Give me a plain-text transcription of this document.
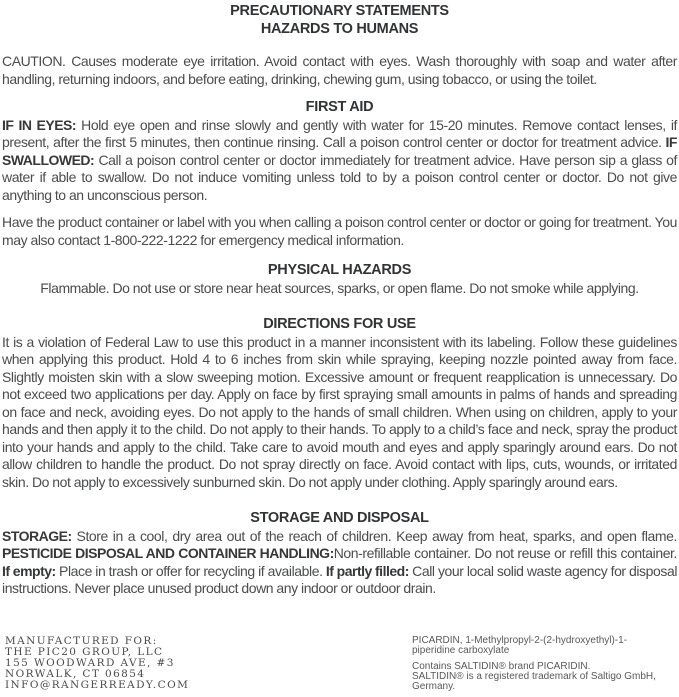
PRECAUTIONARY STATEMENTS
HAZARDS TO HUMANS

CAUTION. Causes moderate eye irritation. Avoid contact with eyes. Wash thoroughly with soap and water after handling, returning indoors, and before eating, drinking, chewing gum, using tobacco, or using the toilet.

FIRST AID

IF IN EYES: Hold eye open and rinse slowly and gently with water for 15-20 minutes. Remove contact lenses, if present, after the first 5 minutes, then continue rinsing. Call a poison control center or doctor for treatment advice. IF SWALLOWED: Call a poison control center or doctor immediately for treatment advice. Have person sip a glass of water if able to swallow. Do not induce vomiting unless told to by a poison control center or doctor. Do not give anything to an unconscious person.

Have the product container or label with you when calling a poison control center or doctor or going for treatment. You may also contact 1-800-222-1222 for emergency medical information.

PHYSICAL HAZARDS

Flammable. Do not use or store near heat sources, sparks, or open flame. Do not smoke while applying.

DIRECTIONS FOR USE

It is a violation of Federal Law to use this product in a manner inconsistent with its labeling. Follow these guidelines when applying this product. Hold 4 to 6 inches from skin while spraying, keeping nozzle pointed away from face. Slightly moisten skin with a slow sweeping motion. Excessive amount or frequent reapplication is unnecessary. Do not exceed two applications per day. Apply on face by first spraying small amounts in palms of hands and spreading on face and neck, avoiding eyes. Do not apply to the hands of small children. When using on children, apply to your hands and then apply it to the child. Do not apply to their hands. To apply to a child’s face and neck, spray the product into your hands and apply to the child. Take care to avoid mouth and eyes and apply sparingly around ears. Do not allow children to handle the product. Do not spray directly on face. Avoid contact with lips, cuts, wounds, or irritated skin. Do not apply to excessively sunburned skin. Do not apply under clothing. Apply sparingly around ears.

STORAGE AND DISPOSAL

STORAGE: Store in a cool, dry area out of the reach of children. Keep away from heat, sparks, and open flame. PESTICIDE DISPOSAL AND CONTAINER HANDLING:Non-refillable container. Do not reuse or refill this container. If empty: Place in trash or offer for recycling if available. If partly filled: Call your local solid waste agency for disposal instructions. Never place unused product down any indoor or outdoor drain.

MANUFACTURED FOR:
THE PIC20 GROUP, LLC
155 WOODWARD AVE, #3
NORWALK, CT 06854
INFO@RANGERREADY.COM
PICARDIN, 1-Methylpropyl-2-(2-hydroxyethyl)-1-
piperidine carboxylate
Contains SALTIDIN® brand PICARIDIN.
SALTIDIN® is a registered trademark of Saltigo GmbH,
Germany.
